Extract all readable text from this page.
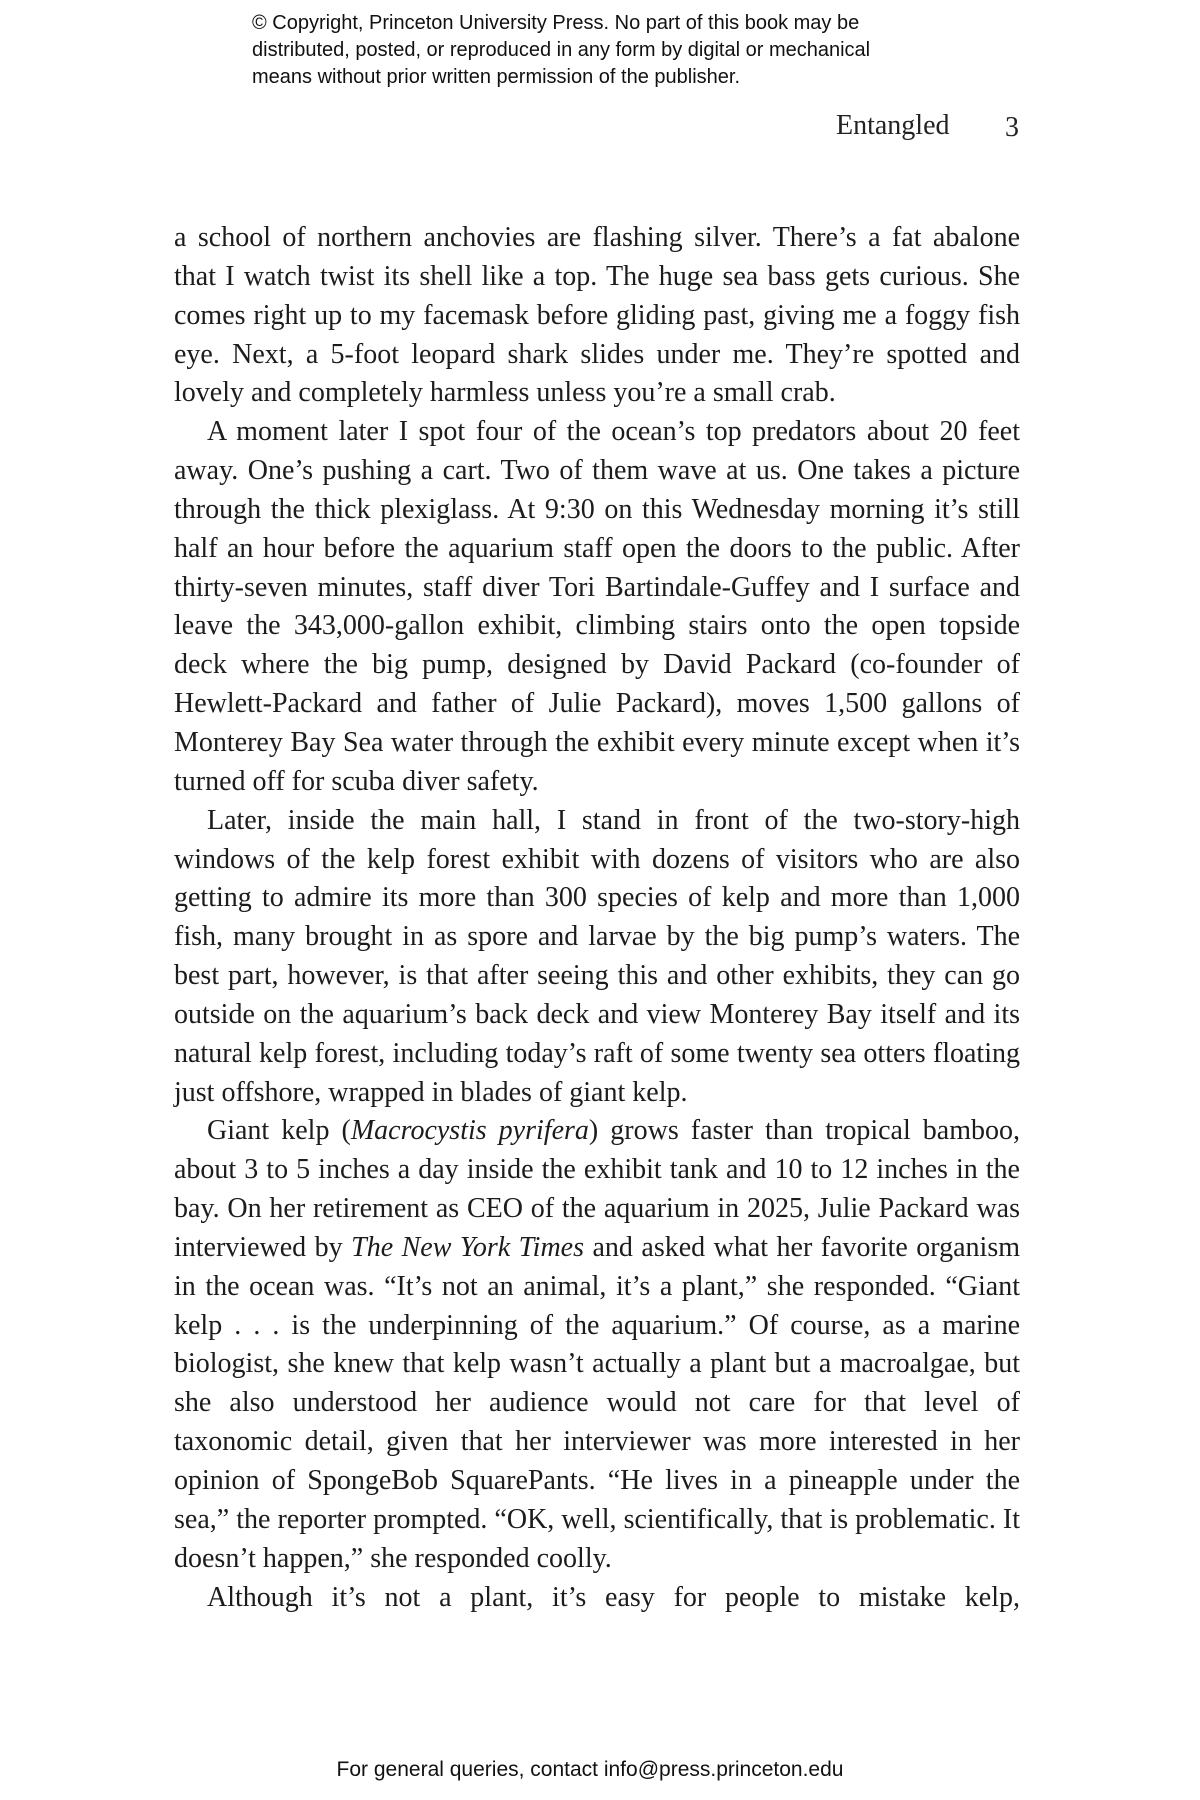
© Copyright, Princeton University Press. No part of this book may be
distributed, posted, or reproduced in any form by digital or mechanical
means without prior written permission of the publisher.
Entangled 3

a school of northern anchovies are flashing silver. There’s a fat abalone that I watch twist its shell like a top. The huge sea bass gets curious. She comes right up to my facemask before gliding past, giving me a foggy fish eye. Next, a 5-foot leopard shark slides under me. They’re spotted and lovely and completely harmless unless you’re a small crab.

A moment later I spot four of the ocean’s top predators about 20 feet away. One’s pushing a cart. Two of them wave at us. One takes a picture through the thick plexiglass. At 9:30 on this Wednesday morning it’s still half an hour before the aquarium staff open the doors to the public. After thirty-seven minutes, staff diver Tori Bartindale-Guffey and I surface and leave the 343,000-gallon exhibit, climbing stairs onto the open topside deck where the big pump, designed by David Packard (co-founder of Hewlett-Packard and father of Julie Packard), moves 1,500 gallons of Monterey Bay Sea water through the exhibit every minute except when it’s turned off for scuba diver safety.

Later, inside the main hall, I stand in front of the two-story-high windows of the kelp forest exhibit with dozens of visitors who are also getting to admire its more than 300 species of kelp and more than 1,000 fish, many brought in as spore and larvae by the big pump’s waters. The best part, however, is that after seeing this and other exhibits, they can go outside on the aquarium’s back deck and view Monterey Bay itself and its natural kelp forest, including today’s raft of some twenty sea otters floating just offshore, wrapped in blades of giant kelp.

Giant kelp (Macrocystis pyrifera) grows faster than tropical bamboo, about 3 to 5 inches a day inside the exhibit tank and 10 to 12 inches in the bay. On her retirement as CEO of the aquarium in 2025, Julie Packard was interviewed by The New York Times and asked what her favorite organism in the ocean was. “It’s not an animal, it’s a plant,” she responded. “Giant kelp . . . is the underpinning of the aquarium.” Of course, as a marine biologist, she knew that kelp wasn’t actually a plant but a macroalgae, but she also understood her audience would not care for that level of taxonomic detail, given that her interviewer was more interested in her opinion of SpongeBob SquarePants. “He lives in a pineapple under the sea,” the reporter prompted. “OK, well, scientifically, that is problematic. It doesn’t happen,” she responded coolly.

Although it’s not a plant, it’s easy for people to mistake kelp,

For general queries, contact info@press.princeton.edu
